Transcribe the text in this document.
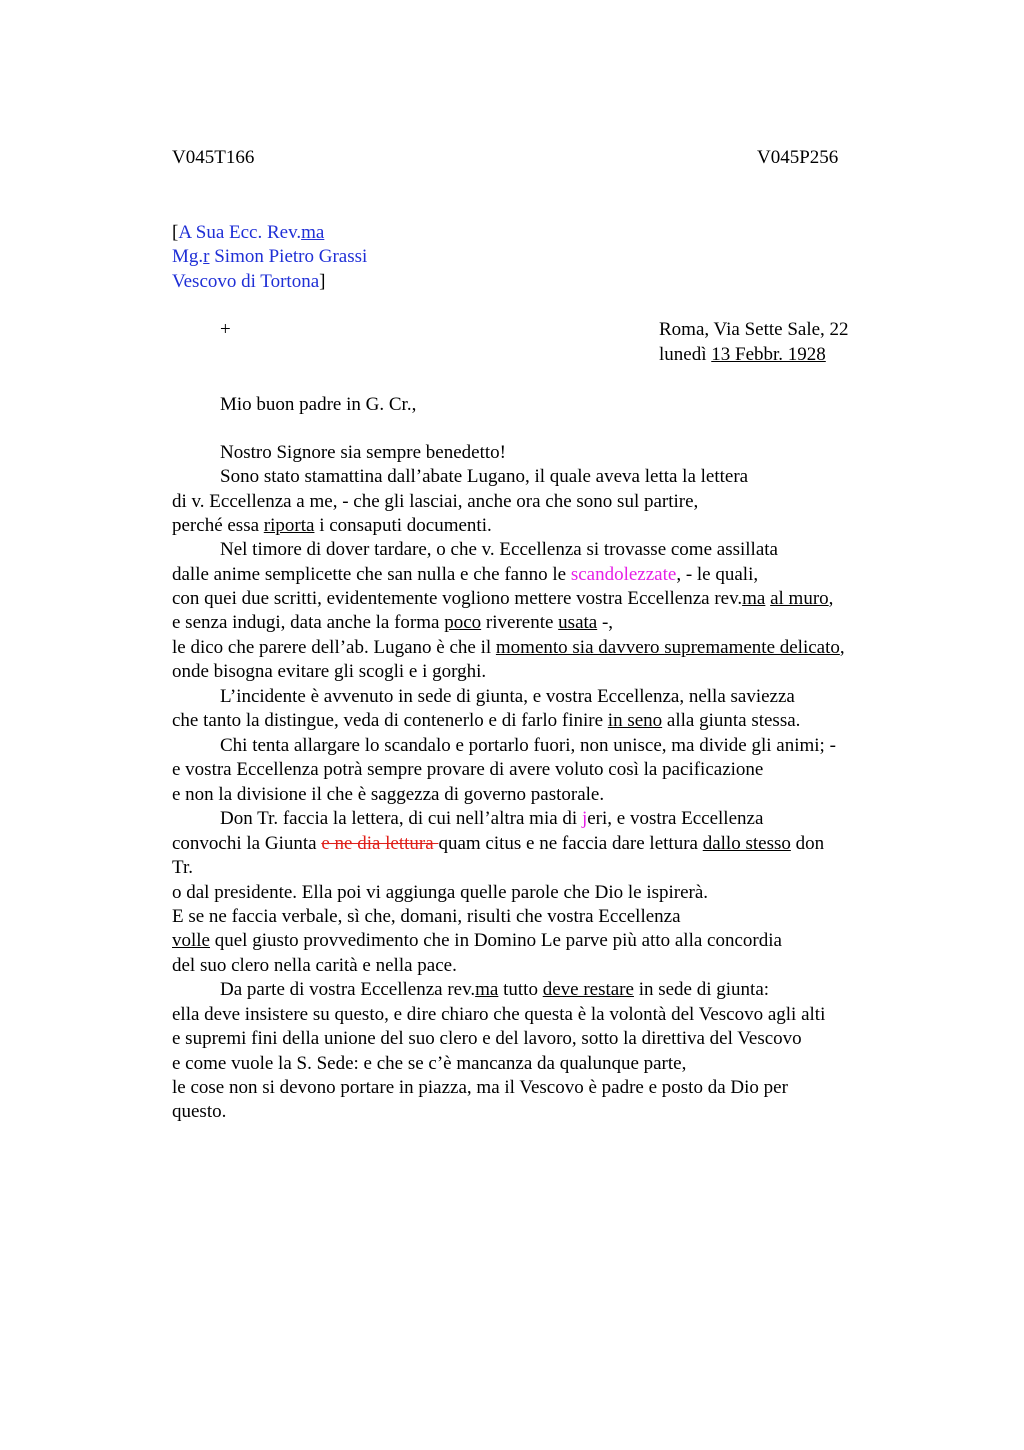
V045T166	V045P256
[A Sua Ecc. Rev.ma
Mg.r Simon Pietro Grassi
Vescovo di Tortona]
+	Roma, Via Sette Sale, 22
lunedì 13 Febbr. 1928
Mio buon padre in G. Cr.,
Nostro Signore sia sempre benedetto!
Sono stato stamattina dall’abate Lugano, il quale aveva letta la lettera
di v. Eccellenza a me, - che gli lasciai, anche ora che sono sul partire,
perché essa riporta i consaputi documenti.
Nel timore di dover tardare, o che v. Eccellenza si trovasse come assillata
dalle anime semplicette che san nulla e che fanno le scandolezzate, - le quali,
con quei due scritti, evidentemente vogliono mettere vostra Eccellenza rev.ma al muro,
e senza indugi, data anche la forma poco riverente usata -,
le dico che parere dell’ab. Lugano è che il momento sia davvero supremamente delicato,
onde bisogna evitare gli scogli e i gorghi.
L’incidente è avvenuto in sede di giunta, e vostra Eccellenza, nella saviezza
che tanto la distingue, veda di contenerlo e di farlo finire in seno alla giunta stessa.
Chi tenta allargare lo scandalo e portarlo fuori, non unisce, ma divide gli animi; -
e vostra Eccellenza potrà sempre provare di avere voluto così la pacificazione
e non la divisione il che è saggezza di governo pastorale.
Don Tr. faccia la lettera, di cui nell’altra mia di jeri, e vostra Eccellenza
convochi la Giunta e ne dia lettura quam citus e ne faccia dare lettura dallo stesso don
Tr.
o dal presidente. Ella poi vi aggiunga quelle parole che Dio le ispirerà.
E se ne faccia verbale, sì che, domani, risulti che vostra Eccellenza
volle quel giusto provvedimento che in Domino Le parve più atto alla concordia
del suo clero nella carità e nella pace.
Da parte di vostra Eccellenza rev.ma tutto deve restare in sede di giunta:
ella deve insistere su questo, e dire chiaro che questa è la volontà del Vescovo agli alti
e supremi fini della unione del suo clero e del lavoro, sotto la direttiva del Vescovo
e come vuole la S. Sede: e che se c’è mancanza da qualunque parte,
le cose non si devono portare in piazza, ma il Vescovo è padre e posto da Dio per
questo.
